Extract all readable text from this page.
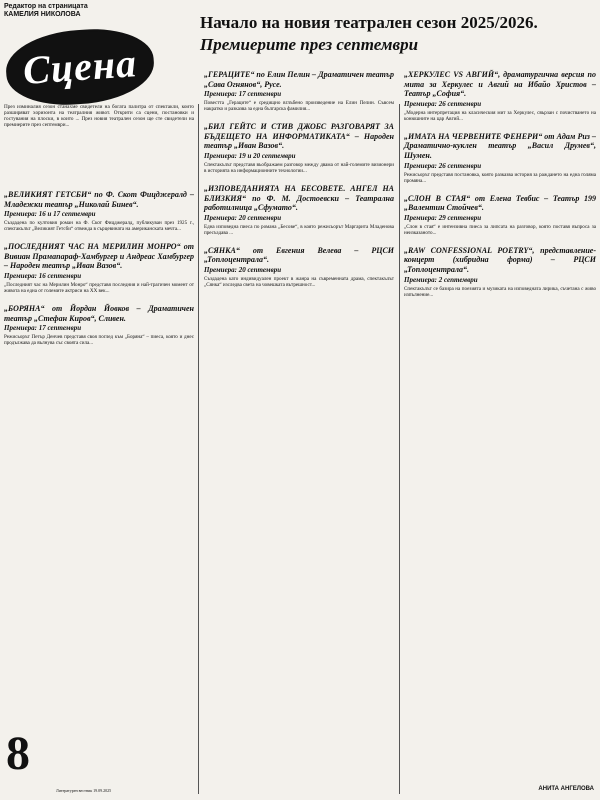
Редактор на страницата
КАМЕЛИЯ НИКОЛОВА
Сцена
Начало на новия театрален сезон 2025/2026.
Премиерите през септември
През изминалия сезон станахме свидетели на богата палитра от спектакли, които разширяват хоризонта на театралния живот. Открити са сцени, постановки и гостувания на плоски, в които ... През новия театрален сезон ще сте свидетели на премиерите през септември...
„ВЕЛИКИЯТ ГЕТСБИ“ по Ф. Скот Фицджералд – Младежки театър „Николай Бинев“.
Премиера: 16 и 17 септември

Създадена по култовия роман на Ф. Скот Фицджералд, публикуван през 1925 г., спектакълът „Великият Гетсби“ отвежда в сърцевината на американската мечта...

„ПОСЛЕДНИЯТ ЧАС НА МЕРИЛИН МОНРО“ от Вивиан Прамапараф-Хамбургер и Андреас Хамбургер – Народен театър „Иван Вазов“.
Премиера: 16 септември

„Последният час на Мерилин Монро“ представя последния и най-трагичен момент от живота на една от големите актриси на XX век...

„БОРЯНА“ от Йордан Йовков – Драматичен театър „Стефан Киров“, Сливен.
Премиера: 17 септември

Режисьорът Петър Денчев представя своя поглед към „Боряна“ – пиеса, която и днес продължава да вълнува със своята сила...

„ГЕРАЦИТЕ“ по Елин Пелин – Драматичен театър „Сава Огнянов“, Русе.
Премиера: 17 септември

Повестта „Гераците“ е средищно вглъбено произведение на Елин Пелин. Съвсем накратко и разказва за една българска фамилия...

„БИЛ ГЕЙТС И СТИВ ДЖОБС РАЗГОВАРЯТ ЗА БЪДЕЩЕТО НА ИНФОРМАТИКАТА“ – Народен театър „Иван Вазов“.
Премиера: 19 и 20 септември

Спектакълът представя въображаем разговор между двама от най-големите визионери в историята на информационните технологии...

„ИЗПОВЕДАНИЯТА НА БЕСОВЕТЕ. АНГЕЛ НА БЛИЗКИЯ“ по Ф. М. Достоевски – Театрална работилница „Сфумато“.
Премиера: 20 септември

Една изповедна пиеса по романа „Бесове“, в която режисьорът Маргарита Младенова пресъздава ...

„СЯНКА“ от Евгения Велева – РЦСИ „Топлоцентрала“.
Премиера: 20 септември

Създадена като индивидуален проект в жанра на съвременната драма, спектакълът „Сянка“ изследва света на човешката вътрешност...

„ХЕРКУЛЕС VS АВГИЙ“, драматургична версия по мита за Херкулес и Авгий на Ибайо Христов – Театър „София“.
Премиера: 26 септември

„Модерна интерпретация на класическия мит за Херкулес, свързан с почистването на конюшните на цар Авгий...

„ИМАТА НА ЧЕРВЕНИТЕ ФЕНЕРИ“ от Адам Риз – Драматично-куклен театър „Васил Друмев“, Шумен.
Премиера: 26 септември

Режисьорът представя постановка, която разказва история за раждането на една голяма промяна...

„СЛОН В СТАЯ“ от Елена Тевбис – Театър 199 „Валентин Стойчев“.
Премиера: 29 септември

„Слон в стая“ е интензивна пиеса за липсата на разговор, която поставя въпроса за неизказаното...

„RAW CONFESSIONAL POETRY“, представление-концерт (хибридна форма) – РЦСИ „Топлоцентрала“.
Премиера: 2 септември

Спектакълът се базира на поезията и музиката на изповедната лирика, съчетана с живо изпълнение...

8
Литературен вестник 19.09.2025	АНИТА АНГЕЛОВА
